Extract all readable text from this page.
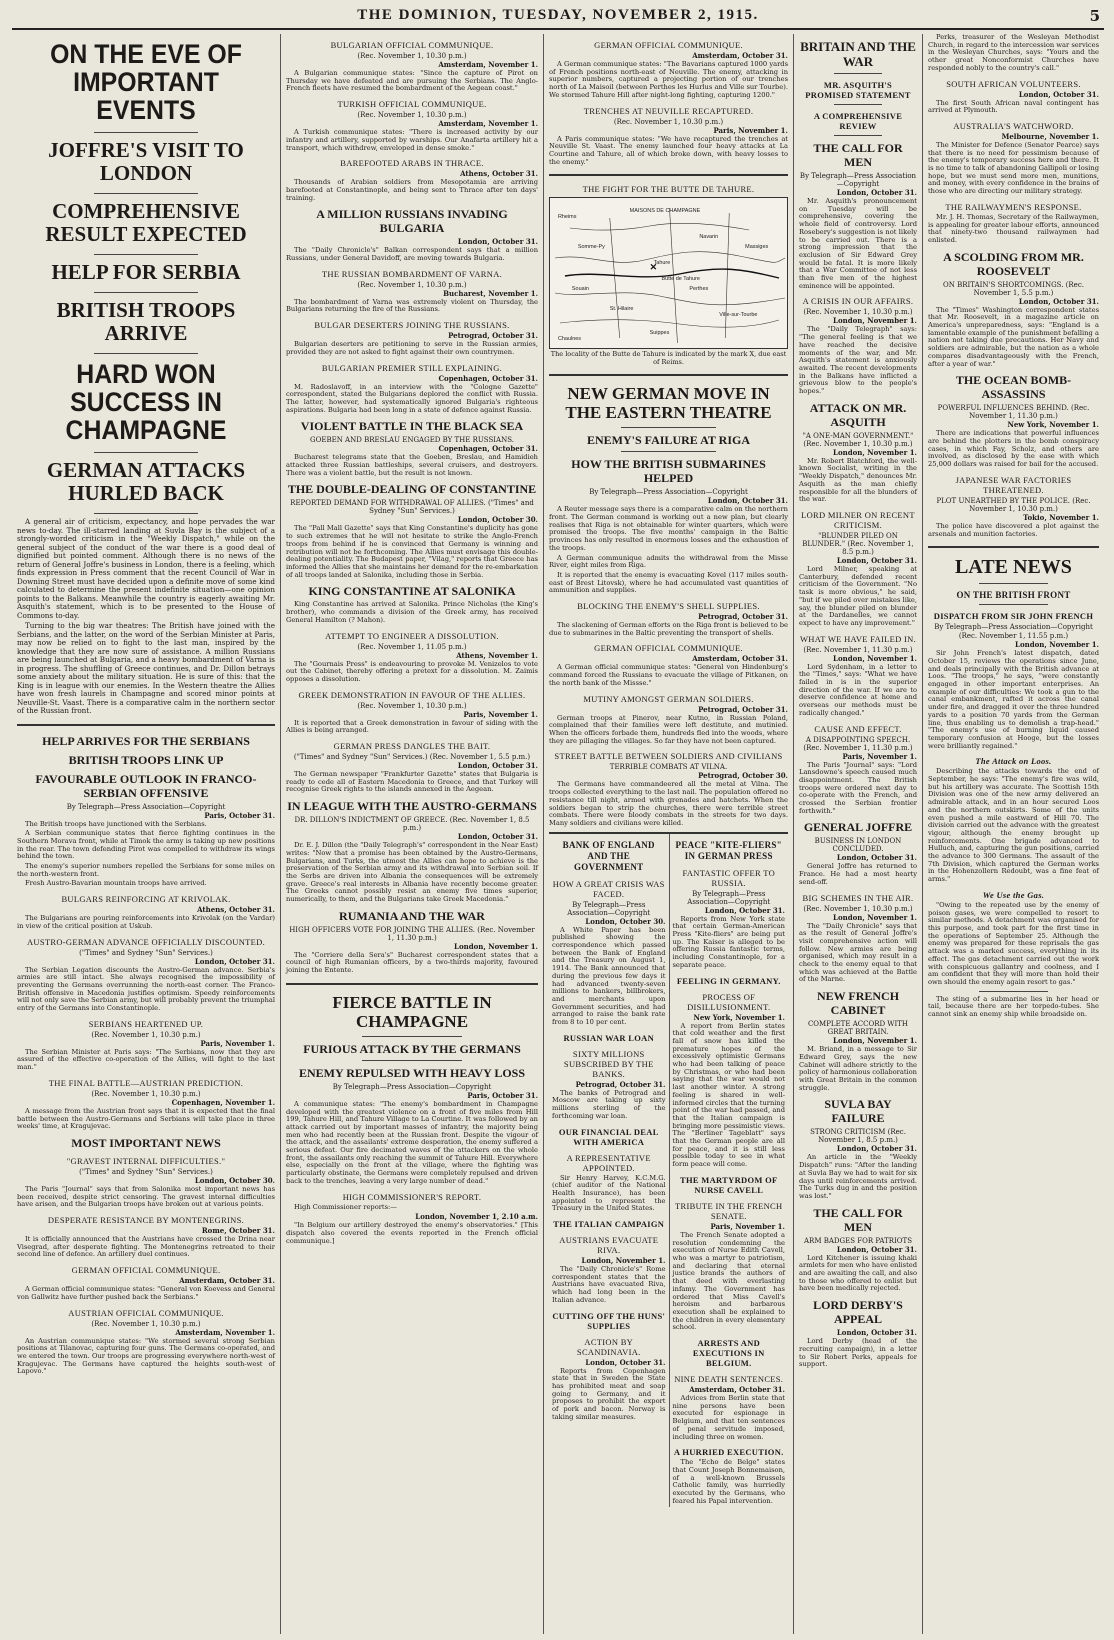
THE DOMINION, TUESDAY, NOVEMBER 2, 1915.	5
ON THE EVE OF IMPORTANT EVENTS
JOFFRE'S VISIT TO LONDON
COMPREHENSIVE RESULT EXPECTED
HELP FOR SERBIA
BRITISH TROOPS ARRIVE
HARD WON SUCCESS IN CHAMPAGNE
GERMAN ATTACKS HURLED BACK

A general air of criticism, expectancy, and hope pervades the war news to-day. The ill-starred landing at Suvla Bay is the subject of a strongly-worded criticism in the "Weekly Dispatch," while on the general subject of the conduct of the war there is a good deal of dignified but pointed comment. Although there is no news of the return of General Joffre's business in London, there is a feeling, which finds expression in Press comment that the recent Council of War in Downing Street must have decided upon a definite move of some kind calculated to determine the present indefinite situation—one opinion points to the Balkans. Meanwhile the country is eagerly awaiting Mr. Asquith's statement, which is to be presented to the House of Commons to-day.

Turning to the big war theatres: The British have joined with the Serbians, and the latter, on the word of the Serbian Minister at Paris, may now be relied on to fight to the last man, inspired by the knowledge that they are now sure of assistance. A million Russians are being launched at Bulgaria, and a heavy bombardment of Varna is in progress. The shuffling of Greece continues, and Dr. Dillon betrays some anxiety about the military situation. He is sure of this: that the King is in league with our enemies. In the Western theatre the Allies have won fresh laurels in Champagne and scored minor points at Neuville-St. Vaast. There is a comparative calm in the northern sector of the Russian front.

HELP ARRIVES FOR THE SERBIANS
BRITISH TROOPS LINK UP
FAVOURABLE OUTLOOK IN FRANCO-SERBIAN OFFENSIVE
By Telegraph—Press Association—Copyright
Paris, October 31.

The British troops have junctioned with the Serbians.

A Serbian communique states that fierce fighting continues in the Southern Morava front, while at Timok the army is taking up new positions in the rear. The town defending Pirot was compelled to withdraw its wings behind the town.

The enemy's superior numbers repelled the Serbians for some miles on the north-western front.

Fresh Austro-Bavarian mountain troops have arrived.

BULGARS REINFORCING AT KRIVOLAK.
Athens, October 31.

The Bulgarians are pouring reinforcements into Krivolak (on the Vardar) in view of the critical position at Uskub.

AUSTRO-GERMAN ADVANCE OFFICIALLY DISCOUNTED.
("Times" and Sydney "Sun" Services.)
London, October 31.

The Serbian Legation discounts the Austro-German advance. Serbia's armies are still intact. She always recognised the impossibility of preventing the Germans overrunning the north-east corner. The Franco-British offensive in Macedonia justifies optimism. Speedy reinforcements will not only save the Serbian army, but will probably prevent the triumphal entry of the Germans into Constantinople.

SERBIANS HEARTENED UP.
(Rec. November 1, 10.30 p.m.)
Paris, November 1.

The Serbian Minister at Paris says: "The Serbians, now that they are assured of the effective co-operation of the Allies, will fight to the last man."

THE FINAL BATTLE—AUSTRIAN PREDICTION.
(Rec. November 1, 10.30 p.m.)
Copenhagen, November 1.

A message from the Austrian front says that it is expected that the final battle between the Austro-Germans and Serbians will take place in three weeks' time, at Kragujevac.

MOST IMPORTANT NEWS
"GRAVEST INTERNAL DIFFICULTIES."
("Times" and Sydney "Sun" Services.)
London, October 30.

The Paris "Journal" says that from Salonika most important news has been received, despite strict censoring. The gravest internal difficulties have arisen, and the Bulgarian troops have broken out at various points.

DESPERATE RESISTANCE BY MONTENEGRINS.
Rome, October 31.

It is officially announced that the Austrians have crossed the Drina near Visegrad, after desperate fighting. The Montenegrins retreated to their second line of defence. An artillery duel continues.

GERMAN OFFICIAL COMMUNIQUE.
Amsterdam, October 31.

A German official communique states: "General von Koevess and General von Gallwitz have further pushed back the Serbians."

AUSTRIAN OFFICIAL COMMUNIQUE.
(Rec. November 1, 10.30 p.m.)
Amsterdam, November 1.

An Austrian communique states: "We stormed several strong Serbian positions at Tilanovac, capturing four guns. The Germans co-operated, and we entered the town. Our troops are progressing everywhere north-west of Kragujevac. The Germans have captured the heights south-west of Lapovo."

BULGARIAN OFFICIAL COMMUNIQUE.
(Rec. November 1, 10.30 p.m.)
Amsterdam, November 1.

A Bulgarian communique states: "Since the capture of Pirot on Thursday we have defeated and are pursuing the Serbians. The Anglo-French fleets have resumed the bombardment of the Aegean coast."

TURKISH OFFICIAL COMMUNIQUE.
(Rec. November 1, 10.30 p.m.)
Amsterdam, November 1.

A Turkish communique states: "There is increased activity by our infantry and artillery, supported by warships. Our Anafarta artillery hit a transport, which withdrew, enveloped in dense smoke."

BAREFOOTED ARABS IN THRACE.
Athens, October 31.

Thousands of Arabian soldiers from Mesopotamia are arriving barefooted at Constantinople, and being sent to Thrace after ten days' training.

A MILLION RUSSIANS INVADING BULGARIA
London, October 31.

The "Daily Chronicle's" Balkan correspondent says that a million Russians, under General Davidoff, are moving towards Bulgaria.

THE RUSSIAN BOMBARDMENT OF VARNA.
(Rec. November 1, 10.30 p.m.)
Bucharest, November 1.

The bombardment of Varna was extremely violent on Thursday, the Bulgarians returning the fire of the Russians.

BULGAR DESERTERS JOINING THE RUSSIANS.
Petrograd, October 31.

Bulgarian deserters are petitioning to serve in the Russian armies, provided they are not asked to fight against their own countrymen.

BULGARIAN PREMIER STILL EXPLAINING.
Copenhagen, October 31.

M. Radoslavoff, in an interview with the "Cologne Gazette" correspondent, stated the Bulgarians deplored the conflict with Russia. The latter, however, had systematically ignored Bulgaria's righteous aspirations. Bulgaria had been long in a state of defence against Russia.

VIOLENT BATTLE IN THE BLACK SEA
GOEBEN AND BRESLAU ENGAGED BY THE RUSSIANS.
Copenhagen, October 31.

Bucharest telegrams state that the Goeben, Breslau, and Hamidieh attacked three Russian battleships, several cruisers, and destroyers. There was a violent battle, but the result is not known.

THE DOUBLE-DEALING OF CONSTANTINE
REPORTED DEMAND FOR WITHDRAWAL OF ALLIES. ("Times" and Sydney "Sun" Services.)
London, October 30.

The "Pall Mall Gazette" says that King Constantine's duplicity has gone to such extremes that he will not hesitate to strike the Anglo-French troops from behind if he is convinced that Germany is winning and retribution will not be forthcoming. The Allies must envisage this double-dealing potentiality. The Budapest paper, "Vilag," reports that Greece has informed the Allies that she maintains her demand for the re-embarkation of all troops landed at Salonika, including those in Serbia.

KING CONSTANTINE AT SALONIKA

King Constantine has arrived at Salonika. Prince Nicholas (the King's brother), who commands a division of the Greek army, has received General Hamilton (? Mahon).

ATTEMPT TO ENGINEER A DISSOLUTION.
(Rec. November 1, 11.05 p.m.)
Athens, November 1.

The "Gournais Press" is endeavouring to provoke M. Venizelos to vote out the Cabinet, thereby offering a pretext for a dissolution. M. Zaimis opposes a dissolution.

GREEK DEMONSTRATION IN FAVOUR OF THE ALLIES.
(Rec. November 1, 10.30 p.m.)
Paris, November 1.

It is reported that a Greek demonstration in favour of siding with the Allies is being arranged.

GERMAN PRESS DANGLES THE BAIT.
("Times" and Sydney "Sun" Services.) (Rec. November 1, 5.5 p.m.)
London, October 31.

The German newspaper "Frankfurter Gazette" states that Bulgaria is ready to cede all of Eastern Macedonia to Greece, and that Turkey will recognise Greek rights to the islands annexed in the Aegean.

IN LEAGUE WITH THE AUSTRO-GERMANS
DR. DILLON'S INDICTMENT OF GREECE. (Rec. November 1, 8.5 p.m.)
London, October 31.

Dr. E. J. Dillon (the "Daily Telegraph's" correspondent in the Near East) writes: "Now that a promise has been obtained by the Austro-Germans, Bulgarians, and Turks, the utmost the Allies can hope to achieve is the preservation of the Serbian army and its withdrawal into Serbian soil. If the Serbs are driven into Albania the consequences will be extremely grave. Greece's real interests in Albania have recently become greater. The Greeks cannot possibly resist an enemy five times superior, numerically, to them, and the Bulgarians take Greek Macedonia."

RUMANIA AND THE WAR
HIGH OFFICERS VOTE FOR JOINING THE ALLIES. (Rec. November 1, 11.30 p.m.)
London, November 1.

The "Corriere della Sera's" Bucharest correspondent states that a council of high Rumanian officers, by a two-thirds majority, favoured joining the Entente.

FIERCE BATTLE IN CHAMPAGNE
FURIOUS ATTACK BY THE GERMANS
ENEMY REPULSED WITH HEAVY LOSS
By Telegraph—Press Association—Copyright
Paris, October 31.

A communique states: "The enemy's bombardment in Champagne developed with the greatest violence on a front of five miles from Hill 199, Tahure Hill, and Tahure Village to La Courtine. It was followed by an attack carried out by important masses of infantry, the majority being men who had recently been at the Russian front. Despite the vigour of the attack, and the assailants' extreme desperation, the enemy suffered a serious defeat. Our fire decimated waves of the attackers on the whole front, the assailants only reaching the summit of Tahure Hill. Everywhere else, especially on the front at the village, where the fighting was particularly obstinate, the Germans were completely repulsed and driven back to the trenches, leaving a very large number of dead."

HIGH COMMISSIONER'S REPORT.

High Commissioner reports:—

London, November 1, 2.10 a.m.

"In Belgium our artillery destroyed the enemy's observatories." [This dispatch also covered the events reported in the French official communique.]

GERMAN OFFICIAL COMMUNIQUE.
Amsterdam, October 31.

A German communique states: "The Bavarians captured 1000 yards of French positions north-east of Neuville. The enemy, attacking in superior numbers, captured a projecting portion of our trenches north of La Maisoil (between Perthes les Hurlus and Ville sur Tourbe). We stormed Tahure Hill after night-long fighting, capturing 1200."

TRENCHES AT NEUVILLE RECAPTURED.
(Rec. November 1, 10.30 p.m.)
Paris, November 1.

A Paris communique states: "We have recaptured the trenches at Neuville St. Vaast. The enemy launched four heavy attacks at La Courtine and Tahure, all of which broke down, with heavy losses to the enemy."

THE FIGHT FOR THE BUTTE DE TAHURE.
✕
MAISONS DE CHAMPAGNE
Tahure
Somme-Py
Souain	Perthes
Massiges
St. Hilaire
Suippes
Navarin
Ville-sur-Tourbe
Rheims
Butte de Tahure
Chaulnes
The locality of the Butte de Tahure is indicated by the mark X, due east of Reims.
NEW GERMAN MOVE IN THE EASTERN THEATRE
ENEMY'S FAILURE AT RIGA
HOW THE BRITISH SUBMARINES HELPED
By Telegraph—Press Association—Copyright
London, October 31.

A Reuter message says there is a comparative calm on the northern front. The German command is working out a new plan, but clearly realises that Riga is not obtainable for winter quarters, which were promised the troops. The five months' campaign in the Baltic provinces has only resulted in enormous losses and the exhaustion of the troops.

A German communique admits the withdrawal from the Misse River, eight miles from Riga.

It is reported that the enemy is evacuating Kovel (117 miles south-east of Brest Litovsk), where he had accumulated vast quantities of ammunition and supplies.

BLOCKING THE ENEMY'S SHELL SUPPLIES.
Petrograd, October 31.

The slackening of German efforts on the Riga front is believed to be due to submarines in the Baltic preventing the transport of shells.

GERMAN OFFICIAL COMMUNIQUE.
Amsterdam, October 31.

A German official communique states: "General von Hindenburg's command forced the Russians to evacuate the village of Pitkanen, on the north bank of the Missse."

MUTINY AMONGST GERMAN SOLDIERS.
Petrograd, October 31.

German troops at Pinerov, near Kutno, in Russian Poland, complained that their families were left destitute, and mutinied. When the officers forbade them, hundreds fled into the woods, where they are pillaging the villages. So far they have not been captured.

STREET BATTLE BETWEEN SOLDIERS AND CIVILIANS
TERRIBLE COMBATS AT VILNA.
Petrograd, October 30.

The Germans have commandeered all the metal at Vilna. The troops collected everything to the last nail. The population offered no resistance till night, armed with grenades and hatchets. When the soldiers began to strip the churches, there were terrible street combats. There were bloody combats in the streets for two days. Many soldiers and civilians were killed.

BANK OF ENGLAND AND THE GOVERNMENT
HOW A GREAT CRISIS WAS FACED.
By Telegraph—Press Association—Copyright
London, October 30.

A White Paper has been published showing the correspondence which passed between the Bank of England and the Treasury on August 1, 1914. The Bank announced that during the previous few days it had advanced twenty-seven millions to bankers, billbrokers, and merchants upon Government securities, and had arranged to raise the bank rate from 8 to 10 per cent.

RUSSIAN WAR LOAN
SIXTY MILLIONS SUBSCRIBED BY THE BANKS.
Petrograd, October 31.

The banks of Petrograd and Moscow are taking up sixty millions sterling of the forthcoming war loan.

OUR FINANCIAL DEAL WITH AMERICA
A REPRESENTATIVE APPOINTED.

Sir Henry Harvey, K.C.M.G. (chief auditor of the National Health Insurance), has been appointed to represent the Treasury in the United States.

THE ITALIAN CAMPAIGN
AUSTRIANS EVACUATE RIVA.
London, November 1.

The "Daily Chronicle's" Rome correspondent states that the Austrians have evacuated Riva, which had long been in the Italian advance.

CUTTING OFF THE HUNS' SUPPLIES
ACTION BY SCANDINAVIA.
London, October 31.

Reports from Copenhagen state that in Sweden the State has prohibited meat and soap going to Germany, and it proposes to prohibit the export of pork and bacon. Norway is taking similar measures.

PEACE "KITE-FLIERS" IN GERMAN PRESS
FANTASTIC OFFER TO RUSSIA.
By Telegraph—Press Association—Copyright
London, October 31.

Reports from New York state that certain German-American Press "Kite-fliers" are being put up. The Kaiser is alleged to be offering Russia fantastic terms, including Constantinople, for a separate peace.

FEELING IN GERMANY.
PROCESS OF DISILLUSIONMENT.
New York, November 1.

A report from Berlin states that cold weather and the first fall of snow has killed the premature hopes of the excessively optimistic Germans who had been talking of peace by Christmas, or who had been saying that the war would not last another winter. A strong feeling is shared in well-informed circles that the turning point of the war had passed, and that the Italian campaign is bringing more pessimistic views. The "Berliner Tageblatt" says that the German people are all for peace, and it is still less possible today to see in what form peace will come.

THE MARTYRDOM OF NURSE CAVELL
TRIBUTE IN THE FRENCH SENATE.
Paris, November 1.

The French Senate adopted a resolution condemning the execution of Nurse Edith Cavell, who was a martyr to patriotism, and declaring that eternal justice brands the authors of that deed with everlasting infamy. The Government has ordered that Miss Cavell's heroism and barbarous execution shall be explained to the children in every elementary school.

ARRESTS AND EXECUTIONS IN BELGIUM.
NINE DEATH SENTENCES.
Amsterdam, October 31.

Advices from Berlin state that nine persons have been executed for espionage in Belgium, and that ten sentences of penal servitude imposed, including three on women.

A HURRIED EXECUTION.

The "Echo de Belge" states that Count Joseph Bonnemaison, of a well-known Brussels Catholic family, was hurriedly executed by the Germans, who feared his Papal intervention.

BRITAIN AND THE WAR
MR. ASQUITH'S PROMISED STATEMENT
A COMPREHENSIVE REVIEW
THE CALL FOR MEN
By Telegraph—Press Association—Copyright
London, October 31.

Mr. Asquith's pronouncement on Tuesday will be comprehensive, covering the whole field of controversy. Lord Rosebery's suggestion is not likely to be carried out. There is a strong impression that the exclusion of Sir Edward Grey would be fatal. It is more likely that a War Committee of not less than five men of the highest eminence will be appointed.

A CRISIS IN OUR AFFAIRS.
(Rec. November 1, 10.30 p.m.)
London, November 1.

The "Daily Telegraph" says: "The general feeling is that we have reached the decisive moments of the war, and Mr. Asquith's statement is anxiously awaited. The recent developments in the Balkans have inflicted a grievous blow to the people's hopes."

ATTACK ON MR. ASQUITH
"A ONE-MAN GOVERNMENT." (Rec. November 1, 10.30 p.m.)
London, November 1.

Mr. Robert Blatchford, the well-known Socialist, writing in the "Weekly Dispatch," denounces Mr. Asquith as the man chiefly responsible for all the blunders of the war.

LORD MILNER ON RECENT CRITICISM.
"BLUNDER PILED ON BLUNDER." (Rec. November 1, 8.5 p.m.)
London, October 31.

Lord Milner, speaking at Canterbury, defended recent criticism of the Government. "No task is more obvious," he said, "but if we piled over mistakes like, say, the blunder piled on blunder at the Dardanelles, we cannot expect to have any improvement."

WHAT WE HAVE FAILED IN.
(Rec. November 1, 11.30 p.m.)
London, November 1.

Lord Sydenham, in a letter to the "Times," says: "What we have failed in is in the superior direction of the war. If we are to deserve confidence at home and overseas our methods must be radically changed."

CAUSE AND EFFECT.
A DISAPPOINTING SPEECH. (Rec. November 1, 11.30 p.m.)
Paris, November 1.

The Paris "Journal" says: "Lord Lansdowne's speech caused much disappointment. The British troops were ordered next day to co-operate with the French, and crossed the Serbian frontier forthwith."

GENERAL JOFFRE
BUSINESS IN LONDON CONCLUDED.
London, October 31.

General Joffre has returned to France. He had a most hearty send-off.

BIG SCHEMES IN THE AIR.
(Rec. November 1, 10.30 p.m.)
London, November 1.

The "Daily Chronicle" says that as the result of General Joffre's visit comprehensive action will follow. New armies are being organised, which may result in a check to the enemy equal to that which was achieved at the Battle of the Marne.

NEW FRENCH CABINET
COMPLETE ACCORD WITH GREAT BRITAIN.
London, November 1.

M. Briand, in a message to Sir Edward Grey, says the new Cabinet will adhere strictly to the policy of harmonious collaboration with Great Britain in the common struggle.

SUVLA BAY FAILURE
STRONG CRITICISM (Rec. November 1, 8.5 p.m.)
London, October 31.

An article in the "Weekly Dispatch" runs: "After the landing at Suvla Bay we had to wait for six days until reinforcements arrived. The Turks dug in and the position was lost."

THE CALL FOR MEN
ARM BADGES FOR PATRIOTS
London, October 31.

Lord Kitchener is issuing khaki armlets for men who have enlisted and are awaiting the call, and also to those who offered to enlist but have been medically rejected.

LORD DERBY'S APPEAL
London, October 31.

Lord Derby (head of the recruiting campaign), in a letter to Sir Robert Perks, appeals for support.

Perks, treasurer of the Wesleyan Methodist Church, in regard to the intercession war services in the Wesleyan Churches, says: "Yours and the other great Nonconformist Churches have responded nobly to the country's call."

SOUTH AFRICAN VOLUNTEERS.
London, October 31.

The first South African naval contingent has arrived at Plymouth.

AUSTRALIA'S WATCHWORD.
Melbourne, November 1.

The Minister for Defence (Senator Pearce) says that there is no need for pessimism because of the enemy's temporary success here and there. It is no time to talk of abandoning Gallipoli or losing hope, but we must send more men, munitions, and money, with every confidence in the brains of those who are directing our military strategy.

THE RAILWAYMEN'S RESPONSE.

Mr. J. H. Thomas, Secretary of the Railwaymen, is appealing for greater labour efforts, announced that ninety-two thousand railwaymen had enlisted.

A SCOLDING FROM MR. ROOSEVELT
ON BRITAIN'S SHORTCOMINGS. (Rec. November 1, 5.5 p.m.)
London, October 31.

The "Times" Washington correspondent states that Mr. Roosevelt, in a magazine article on America's unpreparedness, says: "England is a lamentable example of the punishment befalling a nation not taking due precautions. Her Navy and soldiers are admirable, but the nation as a whole compares disadvantageously with the French, after a year of war."

THE OCEAN BOMB-ASSASSINS
POWERFUL INFLUENCES BEHIND. (Rec. November 1, 11.30 p.m.)
New York, November 1.

There are indications that powerful influences are behind the plotters in the bomb conspiracy cases, in which Fay, Scholz, and others are involved, as disclosed by the ease with which 25,000 dollars was raised for bail for the accused.

JAPANESE WAR FACTORIES THREATENED.
PLOT UNEARTHED BY THE POLICE. (Rec. November 1, 10.30 p.m.)
Tokio, November 1.

The police have discovered a plot against the arsenals and munition factories.

LATE NEWS
ON THE BRITISH FRONT
DISPATCH FROM SIR JOHN FRENCH
By Telegraph—Press Association—Copyright
(Rec. November 1, 11.55 p.m.)
London, November 1.

Sir John French's latest dispatch, dated October 15, reviews the operations since June, and deals principally with the British advance at Loos. "The troops," he says, "were constantly engaged in other important enterprises. An example of our difficulties: We took a gun to the canal embankment, rafted it across the canal under fire, and dragged it over the three hundred yards to a position 70 yards from the German line, thus enabling us to demolish a trap-head." "The enemy's use of burning liquid caused temporary confusion at Hooge, but the losses were brilliantly regained."

The Attack on Loos.

Describing the attacks towards the end of September, he says: "The enemy's fire was wild, but his artillery was accurate. The Scottish 15th Division was one of the new army delivered an admirable attack, and in an hour secured Loos and the northern outskirts. Some of the units even pushed a mile eastward of Hill 70. The division carried out the advance with the greatest vigour, although the enemy brought up reinforcements. One brigade advanced to Hulluch, and, capturing the gun positions, carried the advance to 300 Germans. The assault of the 7th Division, which captured the German works in the Hohenzollern Redoubt, was a fine feat of arms."

We Use the Gas.

"Owing to the repeated use by the enemy of poison gases, we were compelled to resort to similar methods. A detachment was organised for this purpose, and took part for the first time in the operations of September 25. Although the enemy was prepared for these reprisals the gas attack was a marked success, everything in its effect. The gas detachment carried out the work with conspicuous gallantry and coolness, and I am confident that they will more than hold their own should the enemy again resort to gas."

The sting of a submarine lies in her head or tail, because there are her torpedo-tubes. She cannot sink an enemy ship while broadside on.
